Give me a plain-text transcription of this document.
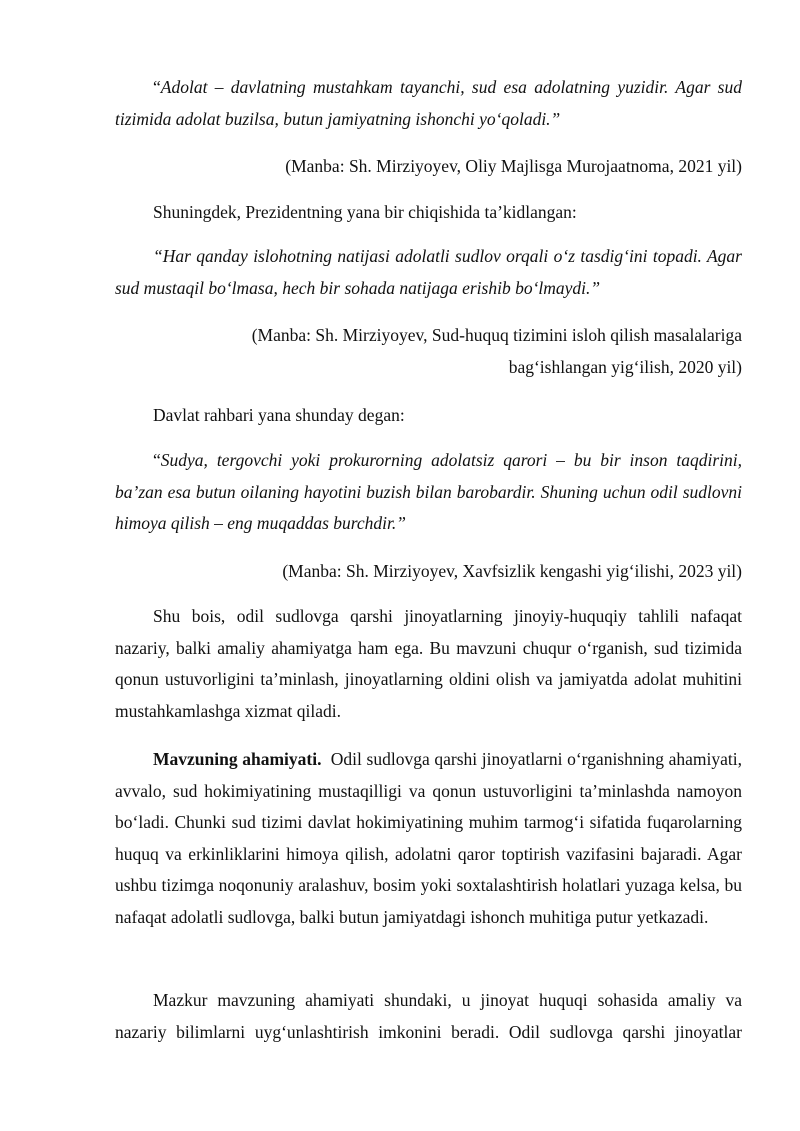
“Adolat – davlatning mustahkam tayanchi, sud esa adolatning yuzidir. Agar sud tizimida adolat buzilsa, butun jamiyatning ishonchi yo‘qoladi.”

(Manba: Sh. Mirziyoyev, Oliy Majlisga Murojaatnoma, 2021 yil)

Shuningdek, Prezidentning yana bir chiqishida ta’kidlangan:

“Har qanday islohotning natijasi adolatli sudlov orqali o‘z tasdig‘ini topadi. Agar sud mustaqil bo‘lmasa, hech bir sohada natijaga erishib bo‘lmaydi.”

(Manba: Sh. Mirziyoyev, Sud-huquq tizimini isloh qilish masalalariga

bag‘ishlangan yig‘ilish, 2020 yil)

Davlat rahbari yana shunday degan:

“Sudya, tergovchi yoki prokurorning adolatsiz qarori – bu bir inson taqdirini, ba’zan esa butun oilaning hayotini buzish bilan barobardir. Shuning uchun odil sudlovni himoya qilish – eng muqaddas burchdir.”

(Manba: Sh. Mirziyoyev, Xavfsizlik kengashi yig‘ilishi, 2023 yil)

Shu bois, odil sudlovga qarshi jinoyatlarning jinoyiy-huquqiy tahlili nafaqat nazariy, balki amaliy ahamiyatga ham ega. Bu mavzuni chuqur o‘rganish, sud tizimida qonun ustuvorligini ta’minlash, jinoyatlarning oldini olish va jamiyatda adolat muhitini mustahkamlashga xizmat qiladi.

Mavzuning ahamiyati. Odil sudlovga qarshi jinoyatlarni o‘rganishning ahamiyati, avvalo, sud hokimiyatining mustaqilligi va qonun ustuvorligini ta’minlashda namoyon bo‘ladi. Chunki sud tizimi davlat hokimiyatining muhim tarmog‘i sifatida fuqarolarning huquq va erkinliklarini himoya qilish, adolatni qaror toptirish vazifasini bajaradi. Agar ushbu tizimga noqonuniy aralashuv, bosim yoki soxtalashtirish holatlari yuzaga kelsa, bu nafaqat adolatli sudlovga, balki butun jamiyatdagi ishonch muhitiga putur yetkazadi.

Mazkur mavzuning ahamiyati shundaki, u jinoyat huquqi sohasida amaliy va nazariy bilimlarni uyg‘unlashtirish imkonini beradi. Odil sudlovga qarshi jinoyatlar
